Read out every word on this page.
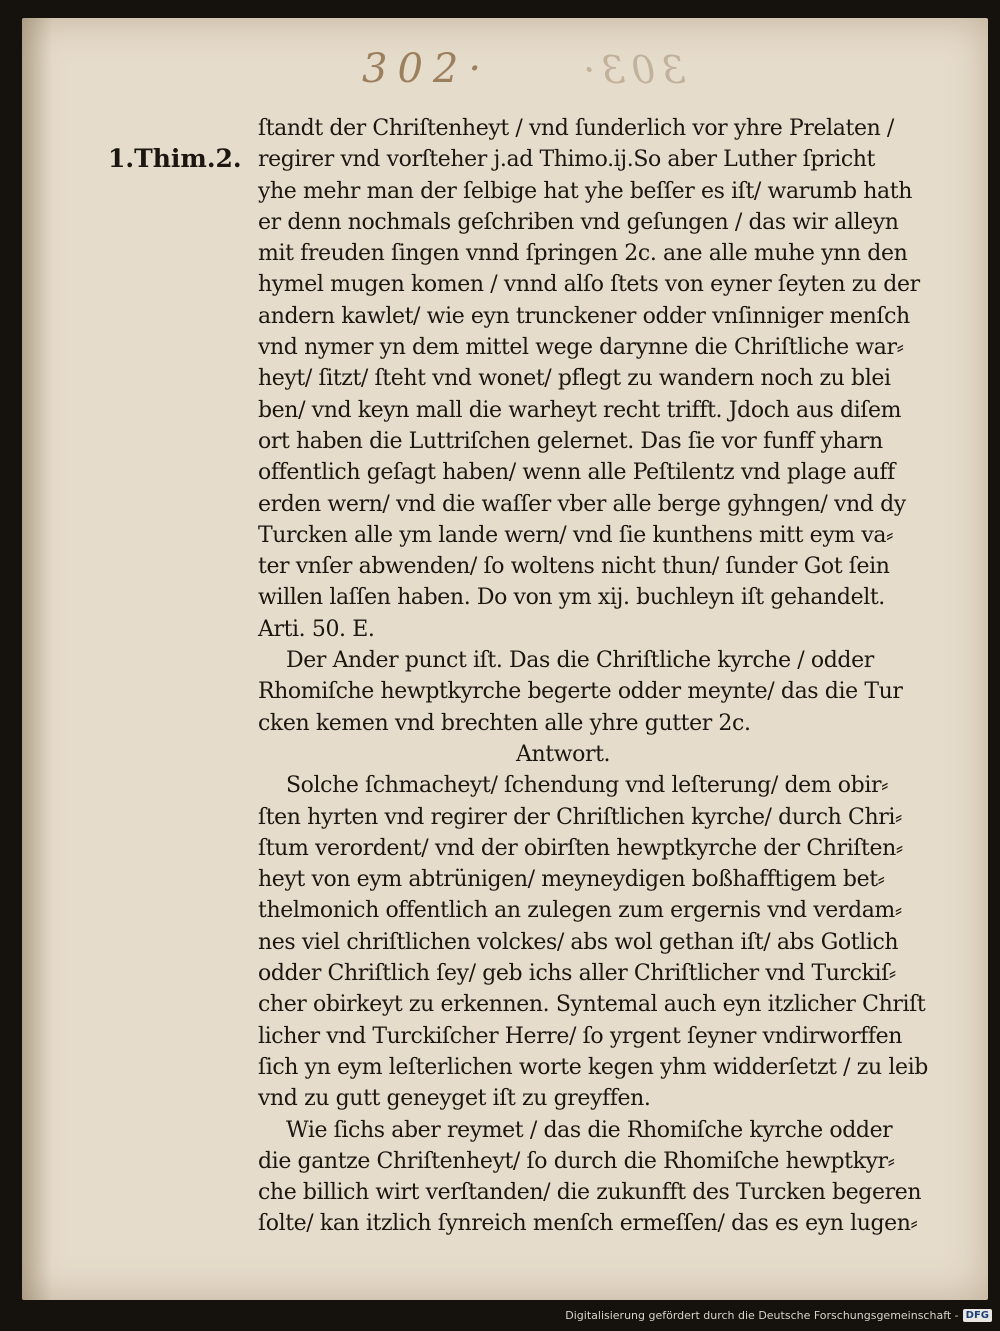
302· 303·
1.Thim.2.
ſtandt der Chriſtenheyt / vnd ſunderlich vor yhre Prelaten /
regirer vnd vorſteher j.ad Thimo.ij.So aber Luther ſpricht
yhe mehr man der ſelbige hat yhe beſſer es iſt/ warumb hath
er denn nochmals geſchriben vnd geſungen / das wir alleyn
mit freuden ſingen vnnd ſpringen 2c. ane alle muhe ynn den
hymel mugen komen / vnnd alſo ſtets von eyner ſeyten zu der
andern kawlet/ wie eyn trunckener odder vnſinniger menſch
vnd nymer yn dem mittel wege darynne die Chriſtliche war⸗
heyt/ ſitzt/ ſteht vnd wonet/ pflegt zu wandern noch zu blei
ben/ vnd keyn mall die warheyt recht trifft. Jdoch aus diſem
ort haben die Luttriſchen gelernet. Das ſie vor funff yharn
offentlich geſagt haben/ wenn alle Peſtilentz vnd plage auff
erden wern/ vnd die waſſer vber alle berge gyhngen/ vnd dy
Turcken alle ym lande wern/ vnd ſie kunthens mitt eym va⸗
ter vnſer abwenden/ ſo woltens nicht thun/ ſunder Got ſein
willen laſſen haben. Do von ym xij. buchleyn iſt gehandelt.
Arti. 50. E.
Der Ander punct iſt. Das die Chriſtliche kyrche / odder
Rhomiſche hewptkyrche begerte odder meynte/ das die Tur
cken kemen vnd brechten alle yhre gutter 2c.
Antwort.
Solche ſchmacheyt/ ſchendung vnd leſterung/ dem obir⸗
ſten hyrten vnd regirer der Chriſtlichen kyrche/ durch Chri⸗
ſtum verordent/ vnd der obirſten hewptkyrche der Chriſten⸗
heyt von eym abtrünigen/ meyneydigen boßhafftigem bet⸗
thelmonich offentlich an zulegen zum ergernis vnd verdam⸗
nes viel chriſtlichen volckes/ abs wol gethan iſt/ abs Gotlich
odder Chriſtlich ſey/ geb ichs aller Chriſtlicher vnd Turckiſ⸗
cher obirkeyt zu erkennen. Syntemal auch eyn itzlicher Chriſt
licher vnd Turckiſcher Herre/ ſo yrgent ſeyner vndirworffen
ſich yn eym leſterlichen worte kegen yhm widderſetzt / zu leib
vnd zu gutt geneyget iſt zu greyffen.
Wie ſichs aber reymet / das die Rhomiſche kyrche odder
die gantze Chriſtenheyt/ ſo durch die Rhomiſche hewptkyr⸗
che billich wirt verſtanden/ die zukunfft des Turcken begeren
ſolte/ kan itzlich ſynreich menſch ermeſſen/ das es eyn lugen⸗
Digitalisierung gefördert durch die Deutsche Forschungsgemeinschaft - DFG
